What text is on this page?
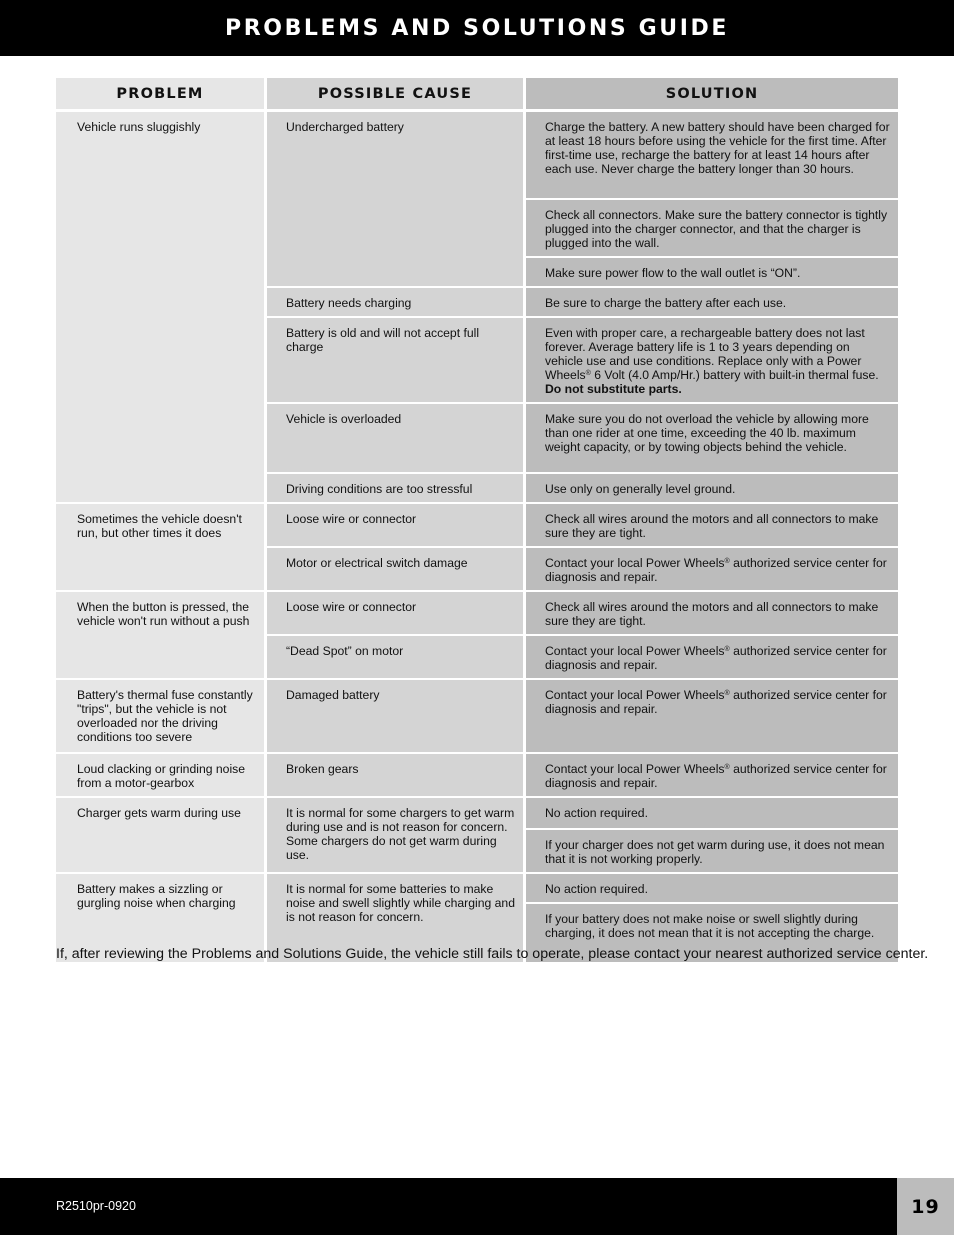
PROBLEMS AND SOLUTIONS GUIDE
PROBLEM	POSSIBLE CAUSE	SOLUTION
Vehicle runs sluggishly	Undercharged battery	Charge the battery. A new battery should have been charged for at least 18 hours before using the vehicle for the first time. After first-time use, recharge the battery for at least 14 hours after each use. Never charge the battery longer than 30 hours.
		Check all connectors. Make sure the battery connector is tightly plugged into the charger connector, and that the charger is plugged into the wall.
		Make sure power flow to the wall outlet is “ON”.
	Battery needs charging	Be sure to charge the battery after each use.
	Battery is old and will not accept full charge	Even with proper care, a rechargeable battery does not last forever. Average battery life is 1 to 3 years depending on vehicle use and use conditions. Replace only with a Power Wheels® 6 Volt (4.0 Amp/Hr.) battery with built-in thermal fuse. Do not substitute parts.
	Vehicle is overloaded	Make sure you do not overload the vehicle by allowing more than one rider at one time, exceeding the 40 lb. maximum weight capacity, or by towing objects behind the vehicle.
	Driving conditions are too stressful	Use only on generally level ground.
Sometimes the vehicle doesn't run, but other times it does	Loose wire or connector	Check all wires around the motors and all connectors to make sure they are tight.
	Motor or electrical switch damage	Contact your local Power Wheels® authorized service center for diagnosis and repair.
When the button is pressed, the vehicle won't run without a push	Loose wire or connector	Check all wires around the motors and all connectors to make sure they are tight.
	“Dead Spot” on motor	Contact your local Power Wheels® authorized service center for diagnosis and repair.
Battery's thermal fuse constantly "trips", but the vehicle is not overloaded nor the driving conditions too severe	Damaged battery	Contact your local Power Wheels® authorized service center for diagnosis and repair.
Loud clacking or grinding noise from a motor-gearbox	Broken gears	Contact your local Power Wheels® authorized service center for diagnosis and repair.
Charger gets warm during use	It is normal for some chargers to get warm during use and is not reason for concern. Some chargers do not get warm during use.	No action required.
		If your charger does not get warm during use, it does not mean that it is not working properly.
Battery makes a sizzling or gurgling noise when charging	It is normal for some batteries to make noise and swell slightly while charging and is not reason for concern.	No action required.
		If your battery does not make noise or swell slightly during charging, it does not mean that it is not accepting the charge.

If, after reviewing the Problems and Solutions Guide, the vehicle still fails to operate, please contact your nearest authorized service center.

R2510pr-0920	19
